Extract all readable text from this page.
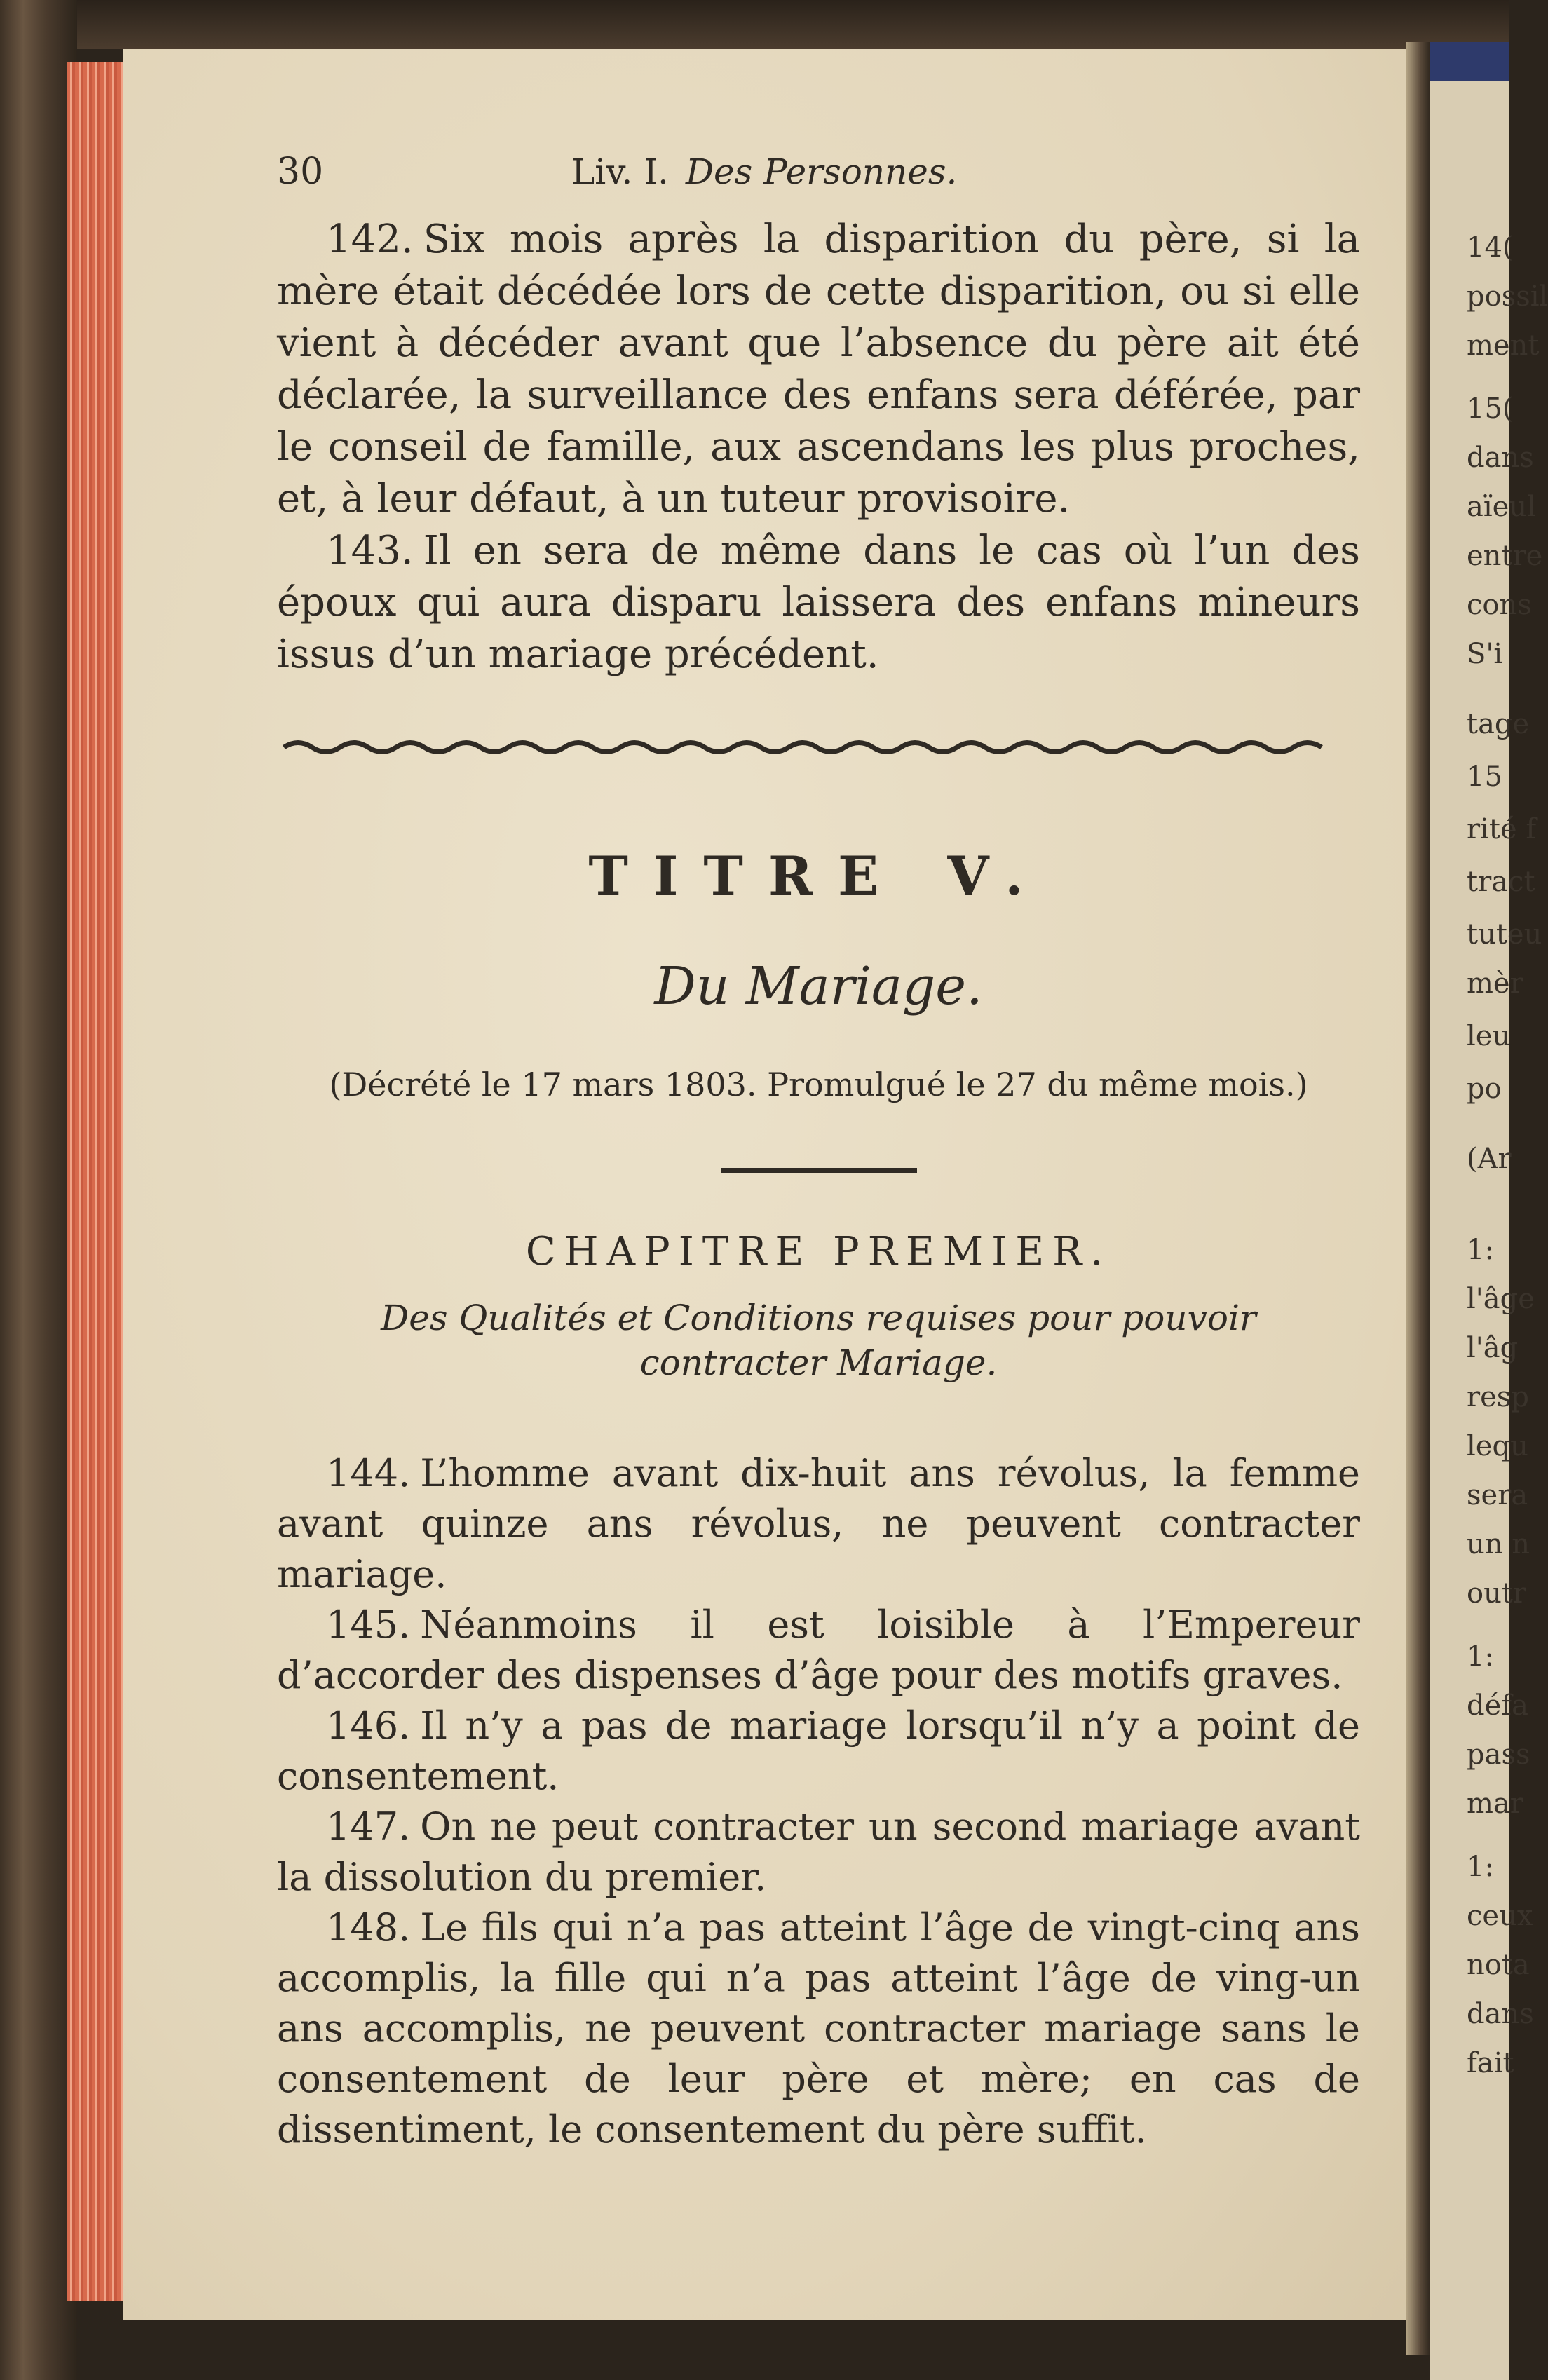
14(
possil
ment
15(
dans
aïeul
entre
cons
S'i
tage
15
rité f
tract
tuteu
mèr
leu
po
(Ar
1:
l'âge
l'âg
resp
lequ
sera
un n
outr
1:
défa
pass
mar
1:
ceux
nota
dans
fait
30	Liv. I. Des Personnes.

142. Six mois après la disparition du père, si la mère était décédée lors de cette disparition, ou si elle vient à décéder avant que l’absence du père ait été déclarée, la surveillance des enfans sera déférée, par le conseil de famille, aux ascendans les plus proches, et, à leur défaut, à un tuteur provisoire.

143. Il en sera de même dans le cas où l’un des époux qui aura disparu laissera des enfans mineurs issus d’un mariage précédent.

TITRE V.
Du Mariage.
(Décrété le 17 mars 1803. Promulgué le 27 du même mois.)
CHAPITRE PREMIER.
Des Qualités et Conditions requises pour pouvoir contracter Mariage.

144. L’homme avant dix-huit ans révolus, la femme avant quinze ans révolus, ne peuvent contracter mariage.

145. Néanmoins il est loisible à l’Empereur d’accorder des dispenses d’âge pour des motifs graves.

146. Il n’y a pas de mariage lorsqu’il n’y a point de consentement.

147. On ne peut contracter un second mariage avant la dissolution du premier.

148. Le fils qui n’a pas atteint l’âge de vingt-cinq ans accomplis, la fille qui n’a pas atteint l’âge de ving-un ans accomplis, ne peuvent contracter mariage sans le consentement de leur père et mère; en cas de dissentiment, le consentement du père suffit.
